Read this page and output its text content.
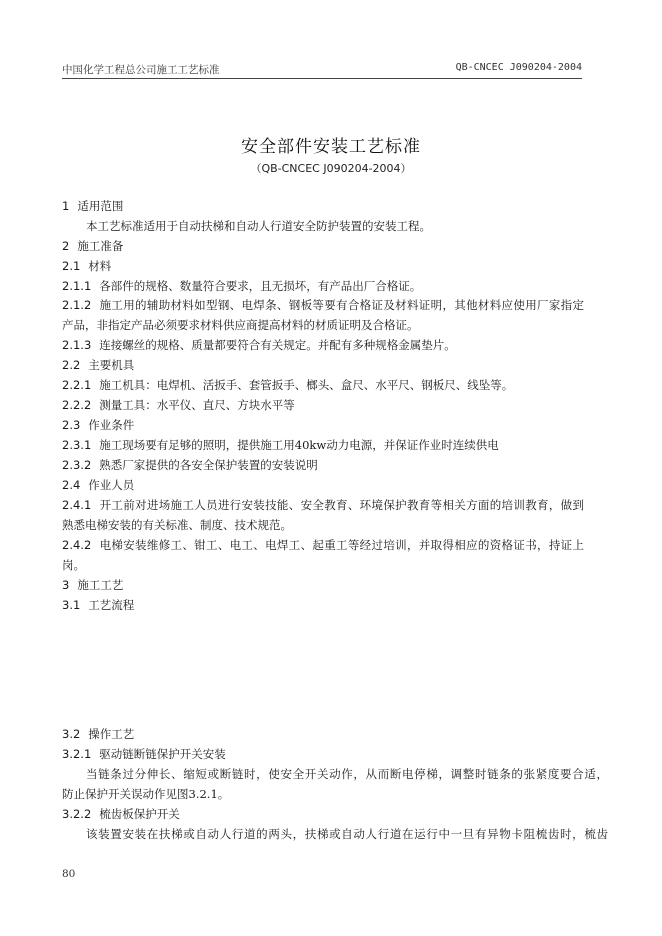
中国化学工程总公司施工工艺标准	QB-CNCEC J090204-2004
安全部件安装工艺标准
（QB-CNCEC J090204-2004）
1 适用范围
本工艺标准适用于自动扶梯和自动人行道安全防护装置的安装工程。
2 施工准备
2.1 材料
2.1.1 各部件的规格、数量符合要求，且无损坏，有产品出厂合格证。
2.1.2 施工用的辅助材料如型钢、电焊条、钢板等要有合格证及材料证明，其他材料应使用厂家指定
产品，非指定产品必须要求材料供应商提高材料的材质证明及合格证。
2.1.3 连接螺丝的规格、质量都要符合有关规定。并配有多种规格金属垫片。
2.2 主要机具
2.2.1 施工机具：电焊机、活扳手、套管扳手、榔头、盒尺、水平尺、钢板尺、线坠等。
2.2.2 测量工具：水平仪、直尺、方块水平等
2.3 作业条件
2.3.1 施工现场要有足够的照明，提供施工用40kw动力电源，并保证作业时连续供电
2.3.2 熟悉厂家提供的各安全保护装置的安装说明
2.4 作业人员
2.4.1 开工前对进场施工人员进行安装技能、安全教育、环境保护教育等相关方面的培训教育，做到
熟悉电梯安装的有关标准、制度、技术规范。
2.4.2 电梯安装维修工、钳工、电工、电焊工、起重工等经过培训，并取得相应的资格证书，持证上
岗。
3 施工工艺
3.1 工艺流程
3.2 操作工艺
3.2.1 驱动链断链保护开关安装
当链条过分伸长、缩短或断链时，使安全开关动作，从而断电停梯，调整时链条的张紧度要合适，
防止保护开关误动作见图3.2.1。
3.2.2 梳齿板保护开关
该装置安装在扶梯或自动人行道的两头，扶梯或自动人行道在运行中一旦有异物卡阻梳齿时，梳齿
80
